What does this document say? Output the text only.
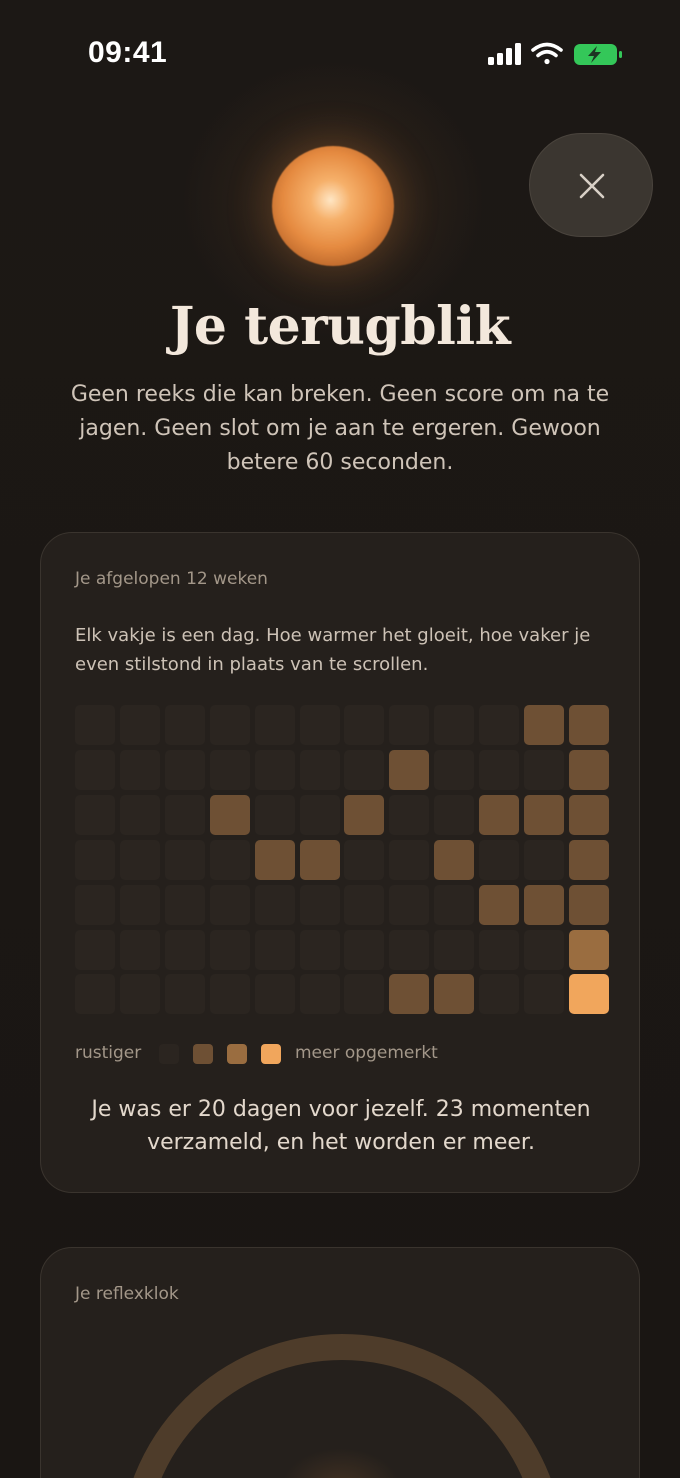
09:41
Je terugblik
Geen reeks die kan breken. Geen score om na te jagen. Geen slot om je aan te ergeren. Gewoon betere 60 seconden.
Je afgelopen 12 weken
Elk vakje is een dag. Hoe warmer het gloeit, hoe vaker je even stilstond in plaats van te scrollen.
rustiger	meer opgemerkt
Je was er 20 dagen voor jezelf. 23 momenten verzameld, en het worden er meer.
Je reflexklok
